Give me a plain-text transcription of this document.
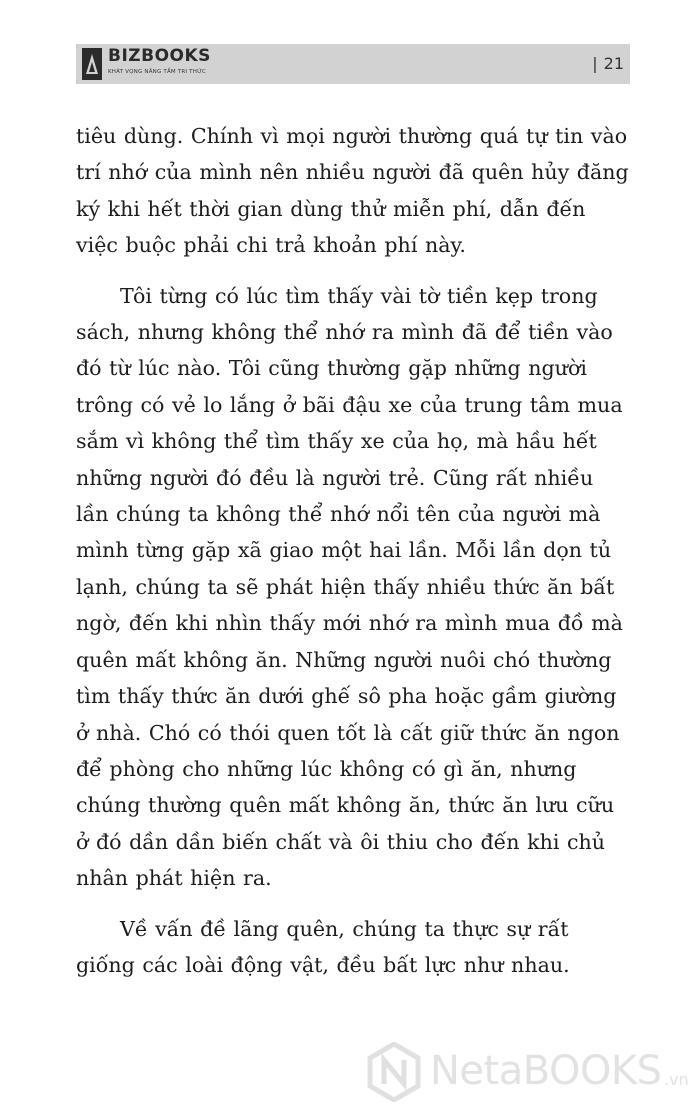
BIZBOOKS
KHÁT VỌNG NÂNG TẦM TRI THỨC	| 21

tiêu dùng. Chính vì mọi người thường quá tự tin vào trí nhớ của mình nên nhiều người đã quên hủy đăng ký khi hết thời gian dùng thử miễn phí, dẫn đến việc buộc phải chi trả khoản phí này.

Tôi từng có lúc tìm thấy vài tờ tiền kẹp trong sách, nhưng không thể nhớ ra mình đã để tiền vào đó từ lúc nào. Tôi cũng thường gặp những người trông có vẻ lo lắng ở bãi đậu xe của trung tâm mua sắm vì không thể tìm thấy xe của họ, mà hầu hết những người đó đều là người trẻ. Cũng rất nhiều lần chúng ta không thể nhớ nổi tên của người mà mình từng gặp xã giao một hai lần. Mỗi lần dọn tủ lạnh, chúng ta sẽ phát hiện thấy nhiều thức ăn bất ngờ, đến khi nhìn thấy mới nhớ ra mình mua đồ mà quên mất không ăn. Những người nuôi chó thường tìm thấy thức ăn dưới ghế sô pha hoặc gầm giường ở nhà. Chó có thói quen tốt là cất giữ thức ăn ngon để phòng cho những lúc không có gì ăn, nhưng chúng thường quên mất không ăn, thức ăn lưu cữu ở đó dần dần biến chất và ôi thiu cho đến khi chủ nhân phát hiện ra.

Về vấn đề lãng quên, chúng ta thực sự rất giống các loài động vật, đều bất lực như nhau.

NetaBOOKS .vn
